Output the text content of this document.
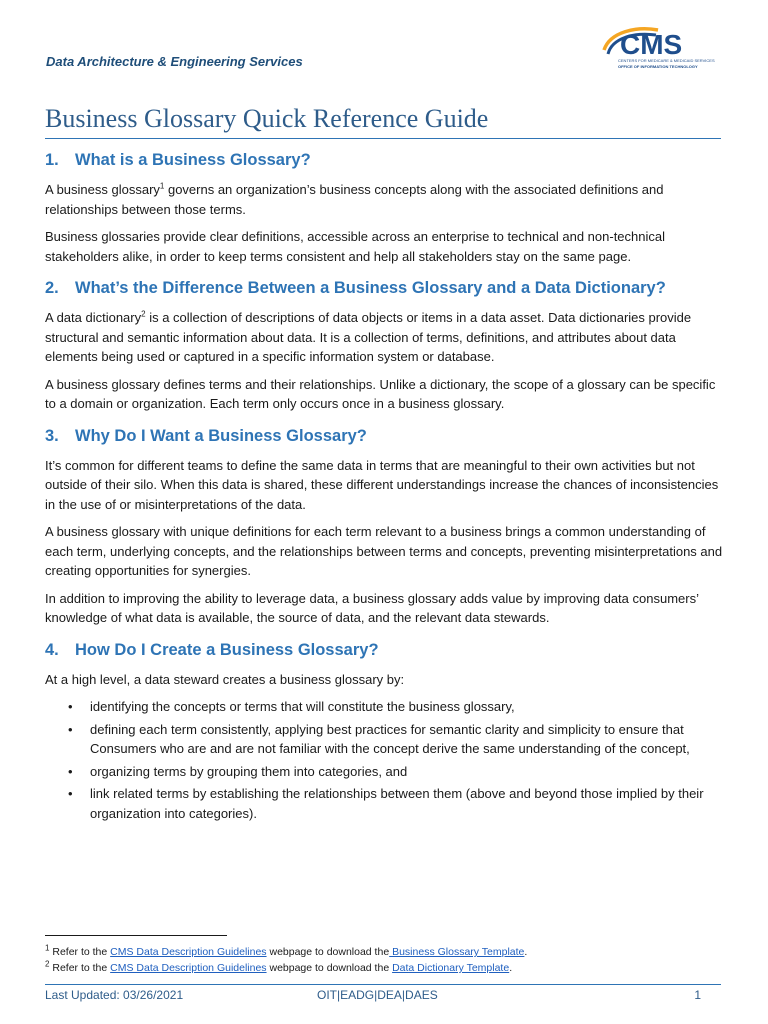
Data Architecture & Engineering Services
CMS
CENTERS FOR MEDICARE & MEDICAID SERVICES
OFFICE OF INFORMATION TECHNOLOGY
Business Glossary Quick Reference Guide
1. What is a Business Glossary?

A business glossary$^1$ governs an organization’s business concepts along with the associated definitions and relationships between those terms.

Business glossaries provide clear definitions, accessible across an enterprise to technical and non-technical stakeholders alike, in order to keep terms consistent and help all stakeholders stay on the same page.

2. What’s the Difference Between a Business Glossary and a Data Dictionary?

A data dictionary$^2$ is a collection of descriptions of data objects or items in a data asset. Data dictionaries provide structural and semantic information about data. It is a collection of terms, definitions, and attributes about data elements being used or captured in a specific information system or database.

A business glossary defines terms and their relationships. Unlike a dictionary, the scope of a glossary can be specific to a domain or organization. Each term only occurs once in a business glossary.

3. Why Do I Want a Business Glossary?

It’s common for different teams to define the same data in terms that are meaningful to their own activities but not outside of their silo. When this data is shared, these different understandings increase the chances of inconsistencies in the use of or misinterpretations of the data.

A business glossary with unique definitions for each term relevant to a business brings a common understanding of each term, underlying concepts, and the relationships between terms and concepts, preventing misinterpretations and creating opportunities for synergies.

In addition to improving the ability to leverage data, a business glossary adds value by improving data consumers’ knowledge of what data is available, the source of data, and the relevant data stewards.

4. How Do I Create a Business Glossary?

At a high level, a data steward creates a business glossary by:

• identifying the concepts or terms that will constitute the business glossary,
• defining each term consistently, applying best practices for semantic clarity and simplicity to ensure that Consumers who are and are not familiar with the concept derive the same understanding of the concept,
• organizing terms by grouping them into categories, and
• link related terms by establishing the relationships between them (above and beyond those implied by their organization into categories).
$^1$ Refer to the CMS Data Description Guidelines webpage to download the Business Glossary Template.
$^2$ Refer to the CMS Data Description Guidelines webpage to download the Data Dictionary Template.
Last Updated: 03/26/2021	OIT|EADG|DEA|DAES	1
